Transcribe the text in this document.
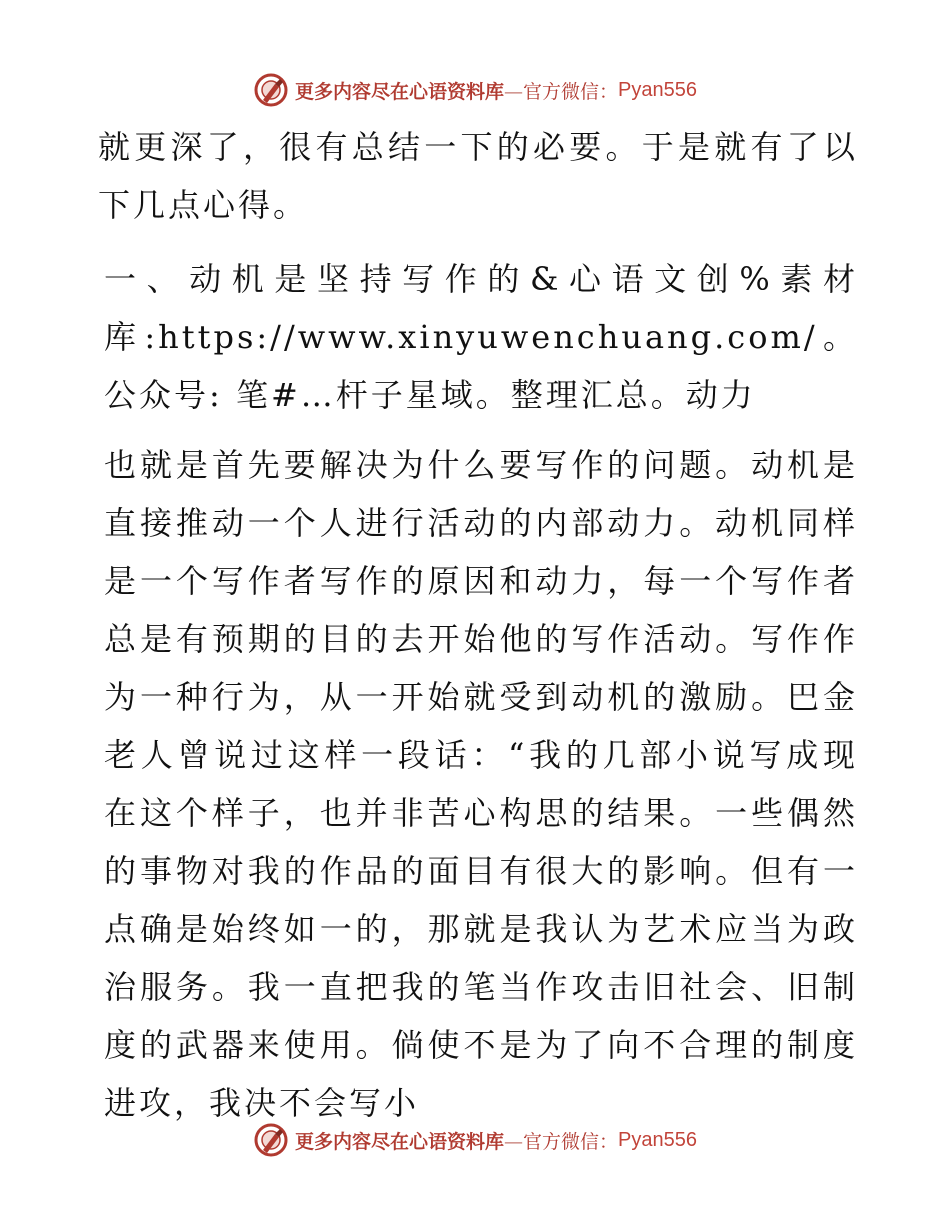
更多内容尽在心语资料库—官方微信： Pyan556

就更深了，很有总结一下的必要。于是就有了以下几点心得。

一、动机是坚持写作的&心语文创%素材库:https://www.xinyuwenchuang.com/。公众号: 笔#…杆子星域。整理汇总。动力

也就是首先要解决为什么要写作的问题。动机是直接推动一个人进行活动的内部动力。动机同样是一个写作者写作的原因和动力，每一个写作者总是有预期的目的去开始他的写作活动。写作作为一种行为，从一开始就受到动机的激励。巴金老人曾说过这样一段话：“我的几部小说写成现在这个样子，也并非苦心构思的结果。一些偶然的事物对我的作品的面目有很大的影响。但有一点确是始终如一的，那就是我认为艺术应当为政治服务。我一直把我的笔当作攻击旧社会、旧制度的武器来使用。倘使不是为了向不合理的制度进攻，我决不会写小

更多内容尽在心语资料库—官方微信： Pyan556
